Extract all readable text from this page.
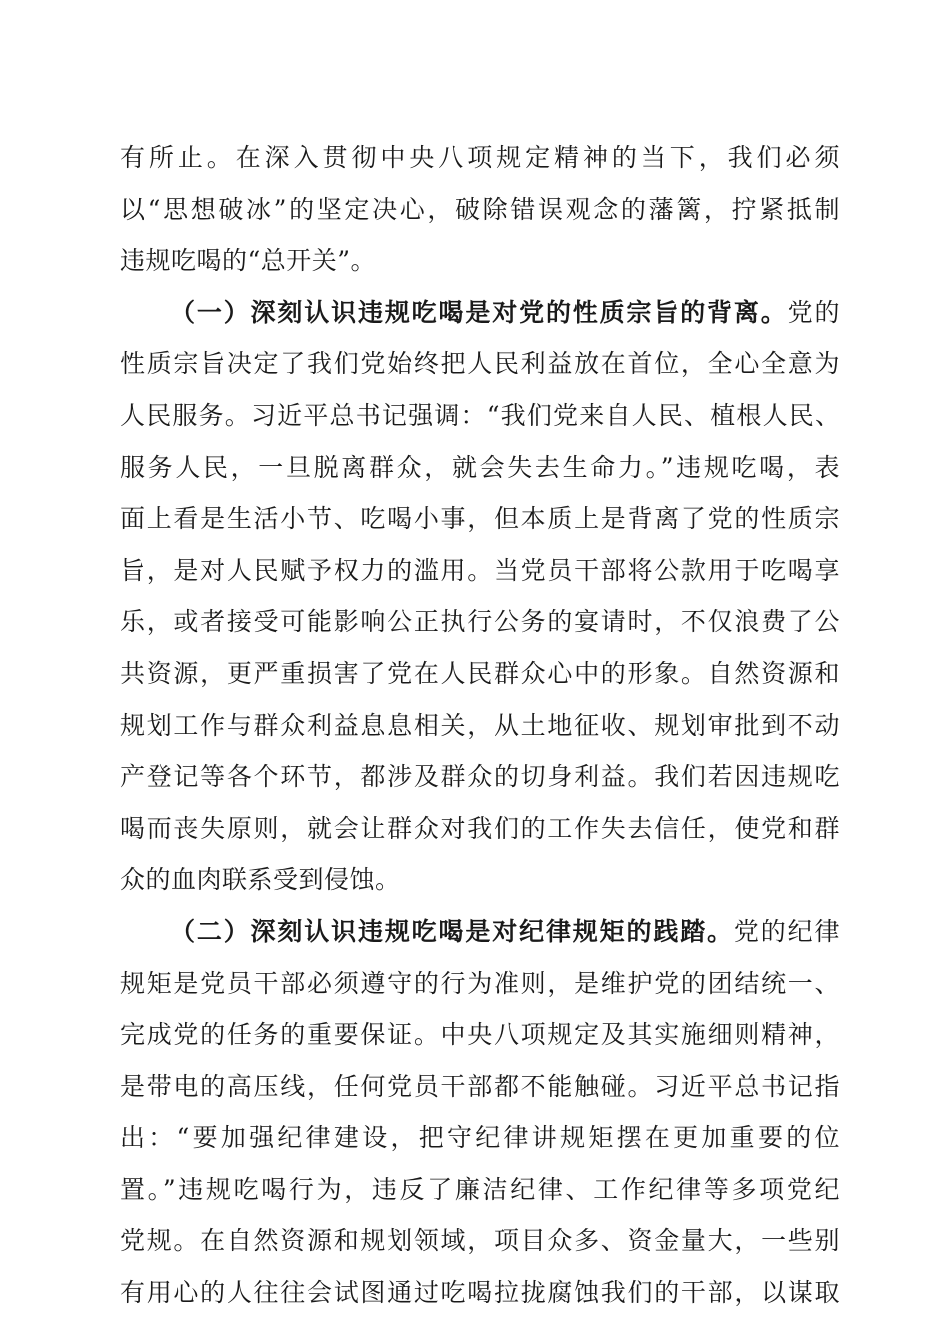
有所止。在深入贯彻中央八项规定精神的当下，我们必须
以“思想破冰”的坚定决心，破除错误观念的藩篱，拧紧抵制
违规吃喝的“总开关”。
（一）深刻认识违规吃喝是对党的性质宗旨的背离。党的
性质宗旨决定了我们党始终把人民利益放在首位，全心全意为
人民服务。习近平总书记强调：“我们党来自人民、植根人民、
服务人民，一旦脱离群众，就会失去生命力。”违规吃喝，表
面上看是生活小节、吃喝小事，但本质上是背离了党的性质宗
旨，是对人民赋予权力的滥用。当党员干部将公款用于吃喝享
乐，或者接受可能影响公正执行公务的宴请时，不仅浪费了公
共资源，更严重损害了党在人民群众心中的形象。自然资源和
规划工作与群众利益息息相关，从土地征收、规划审批到不动
产登记等各个环节，都涉及群众的切身利益。我们若因违规吃
喝而丧失原则，就会让群众对我们的工作失去信任，使党和群
众的血肉联系受到侵蚀。
（二）深刻认识违规吃喝是对纪律规矩的践踏。党的纪律
规矩是党员干部必须遵守的行为准则，是维护党的团结统一、
完成党的任务的重要保证。中央八项规定及其实施细则精神，
是带电的高压线，任何党员干部都不能触碰。习近平总书记指
出：“要加强纪律建设，把守纪律讲规矩摆在更加重要的位
置。”违规吃喝行为，违反了廉洁纪律、工作纪律等多项党纪
党规。在自然资源和规划领域，项目众多、资金量大，一些别
有用心的人往往会试图通过吃喝拉拢腐蚀我们的干部，以谋取
